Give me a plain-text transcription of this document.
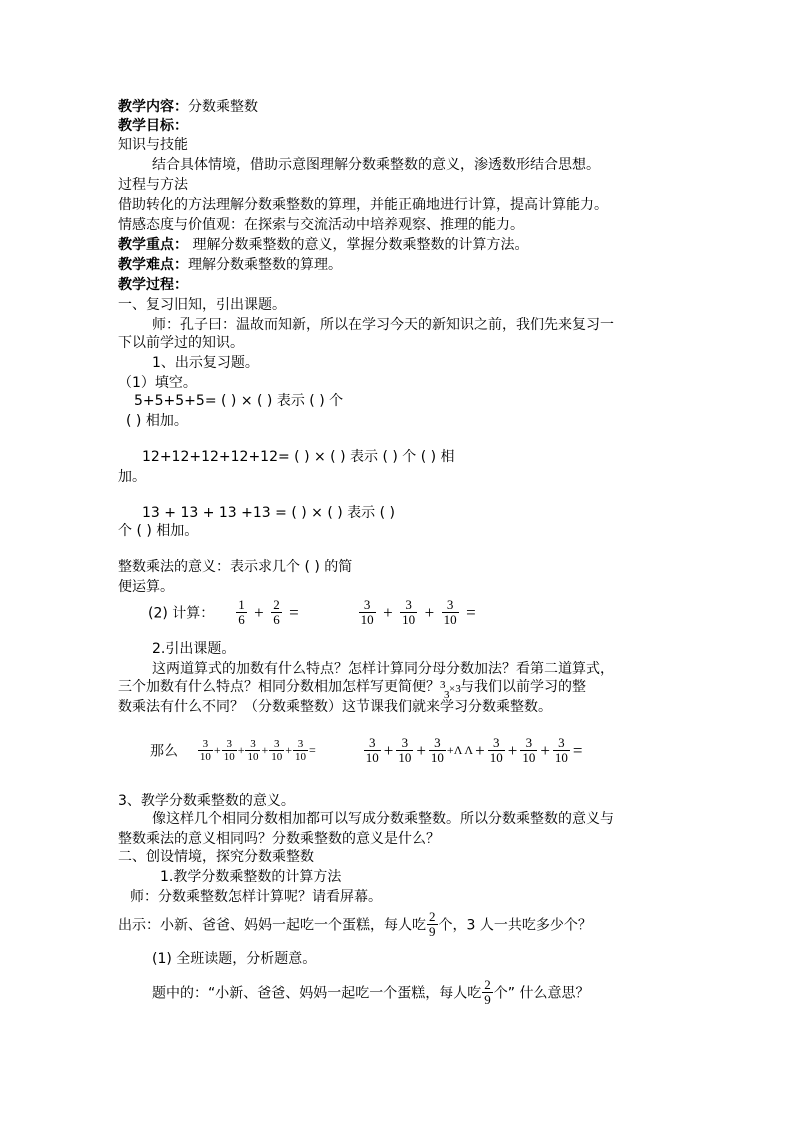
教学内容：分数乘整数
教学目标：
知识与技能
结合具体情境，借助示意图理解分数乘整数的意义，渗透数形结合思想。
过程与方法
借助转化的方法理解分数乘整数的算理，并能正确地进行计算，提高计算能力。
情感态度与价值观：在探索与交流活动中培养观察、推理的能力。
教学重点： 理解分数乘整数的意义，掌握分数乘整数的计算方法。
教学难点：理解分数乘整数的算理。
教学过程：
一、复习旧知，引出课题。
师：孔子曰：温故而知新，所以在学习今天的新知识之前，我们先来复习一
下以前学过的知识。
1、出示复习题。
（1）填空。
5+5+5+5= ( ) × ( ) 表示 ( ) 个
( ) 相加。
12+12+12+12+12= ( ) × ( ) 表示 ( ) 个 ( ) 相
加。
13 + 13 + 13 +13 = ( ) × ( ) 表示 ( )
个 ( ) 相加。
整数乘法的意义：表示求几个 ( ) 的简
便运算。
(2) 计算： $\frac{1}{6} + \frac{2}{6}$ =	$\frac{3}{10} + \frac{3}{10} + \frac{3}{10}$ =
2.引出课题。
这两道算式的加数有什么特点？怎样计算同分母分数加法？看第二道算式，
三个加数有什么特点？相同分数相加怎样写更简便？ 3
3 ×3 与我们以前学习的整
数乘法有什么不同？（分数乘整数）这节课我们就来学习分数乘整数。
那么 $\frac{3}{10} + \frac{3}{10} + \frac{3}{10} + \frac{3}{10} + \frac{3}{10}$ =	$\frac{3}{10} + \frac{3}{10} + \frac{3}{10} +\Lambda$ $\Lambda + \frac{3}{10} + \frac{3}{10} + \frac{3}{10}$ =
3、教学分数乘整数的意义。
像这样几个相同分数相加都可以写成分数乘整数。所以分数乘整数的意义与
整数乘法的意义相同吗？分数乘整数的意义是什么？
二、创设情境，探究分数乘整数
1.教学分数乘整数的计算方法
师：分数乘整数怎样计算呢？请看屏幕。
出示：小新、爸爸、妈妈一起吃一个蛋糕，每人吃 $\frac{2}{9}$ 个，3 人一共吃多少个？
(1) 全班读题，分析题意。
题中的：“小新、爸爸、妈妈一起吃一个蛋糕，每人吃 $\frac{2}{9}$ 个” 什么意思？
